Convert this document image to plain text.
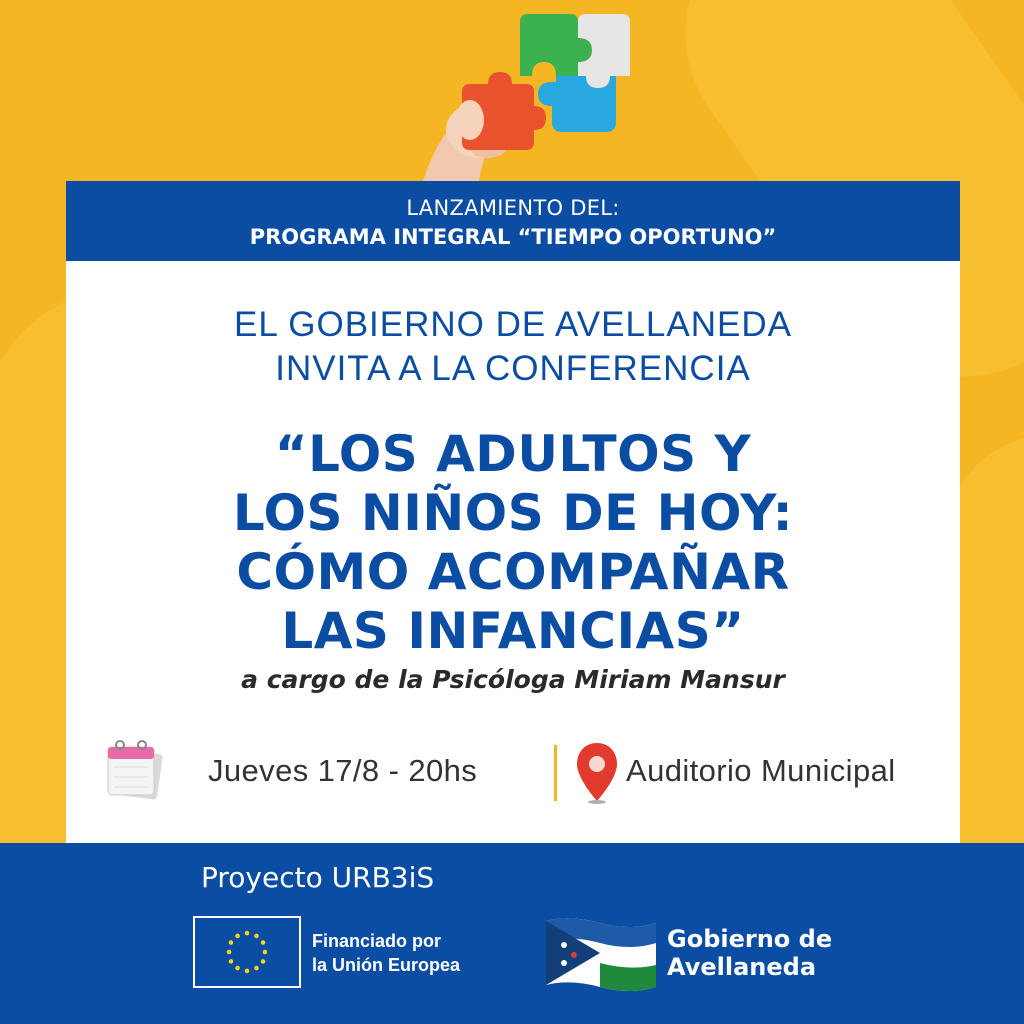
LANZAMIENTO DEL:
PROGRAMA INTEGRAL “TIEMPO OPORTUNO”
EL GOBIERNO DE AVELLANEDA
INVITA A LA CONFERENCIA
“LOS ADULTOS Y
LOS NIÑOS DE HOY:
CÓMO ACOMPAÑAR
LAS INFANCIAS”
a cargo de la Psicóloga Miriam Mansur
Jueves 17/8 - 20hs	Auditorio Municipal
Proyecto URB3iS
Financiado por
la Unión Europea
Gobierno de
Avellaneda
